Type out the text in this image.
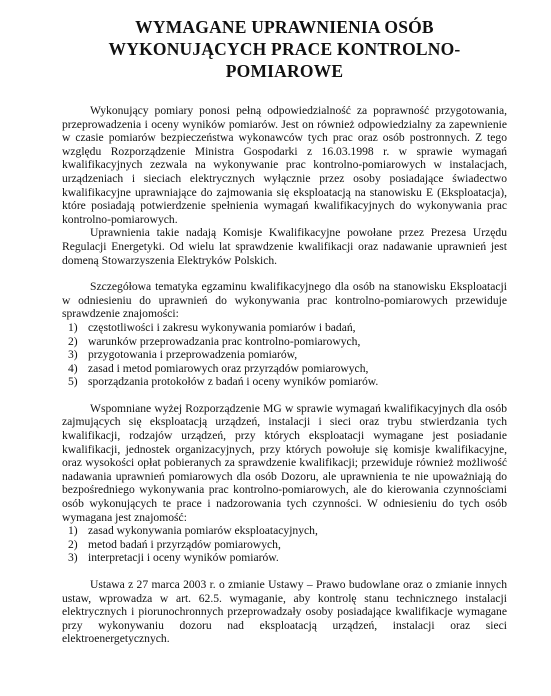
WYMAGANE UPRAWNIENIA OSÓB
WYKONUJĄCYCH PRACE KONTROLNO-
POMIAROWE

Wykonujący pomiary ponosi pełną odpowiedzialność za poprawność przygotowania, przeprowadzenia i oceny wyników pomiarów. Jest on również odpowiedzialny za zapewnienie w czasie pomiarów bezpieczeństwa wykonawców tych prac oraz osób postronnych. Z tego względu Rozporządzenie Ministra Gospodarki z 16.03.1998 r. w sprawie wymagań kwalifikacyjnych zezwala na wykonywanie prac kontrolno-pomiarowych w instalacjach, urządzeniach i sieciach elektrycznych wyłącznie przez osoby posiadające świadectwo kwalifikacyjne uprawniające do zajmowania się eksploatacją na stanowisku E (Eksploatacja), które posiadają potwierdzenie spełnienia wymagań kwalifikacyjnych do wykonywania prac kontrolno-pomiarowych.

Uprawnienia takie nadają Komisje Kwalifikacyjne powołane przez Prezesa Urzędu Regulacji Energetyki. Od wielu lat sprawdzenie kwalifikacji oraz nadawanie uprawnień jest domeną Stowarzyszenia Elektryków Polskich.

Szczegółowa tematyka egzaminu kwalifikacyjnego dla osób na stanowisku Eksploatacji w odniesieniu do uprawnień do wykonywania prac kontrolno-pomiarowych przewiduje sprawdzenie znajomości:

1) częstotliwości i zakresu wykonywania pomiarów i badań,
2) warunków przeprowadzania prac kontrolno-pomiarowych,
3) przygotowania i przeprowadzenia pomiarów,
4) zasad i metod pomiarowych oraz przyrządów pomiarowych,
5) sporządzania protokołów z badań i oceny wyników pomiarów.

Wspomniane wyżej Rozporządzenie MG w sprawie wymagań kwalifikacyjnych dla osób zajmujących się eksploatacją urządzeń, instalacji i sieci oraz trybu stwierdzania tych kwalifikacji, rodzajów urządzeń, przy których eksploatacji wymagane jest posiadanie kwalifikacji, jednostek organizacyjnych, przy których powołuje się komisje kwalifikacyjne, oraz wysokości opłat pobieranych za sprawdzenie kwalifikacji; przewiduje również możliwość nadawania uprawnień pomiarowych dla osób Dozoru, ale uprawnienia te nie upoważniają do bezpośredniego wykonywania prac kontrolno-pomiarowych, ale do kierowania czynnościami osób wykonujących te prace i nadzorowania tych czynności. W odniesieniu do tych osób wymagana jest znajomość:

1) zasad wykonywania pomiarów eksploatacyjnych,
2) metod badań i przyrządów pomiarowych,
3) interpretacji i oceny wyników pomiarów.

Ustawa z 27 marca 2003 r. o zmianie Ustawy – Prawo budowlane oraz o zmianie innych ustaw, wprowadza w art. 62.5. wymaganie, aby kontrolę stanu technicznego instalacji elektrycznych i piorunochronnych przeprowadzały osoby posiadające kwalifikacje wymagane przy wykonywaniu dozoru nad eksploatacją urządzeń, instalacji oraz sieci elektroenergetycznych.
